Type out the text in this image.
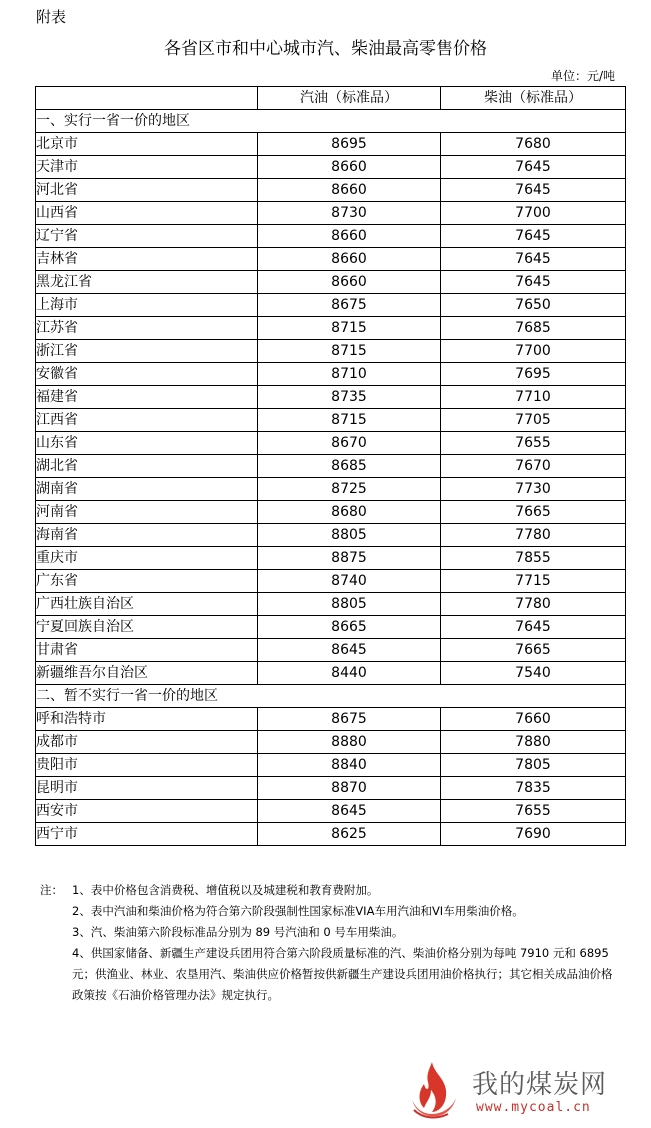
附表
各省区市和中心城市汽、柴油最高零售价格
单位：元/吨
	汽油（标准品）	柴油（标准品）
一、实行一省一价的地区		
北京市	8695	7680
天津市	8660	7645
河北省	8660	7645
山西省	8730	7700
辽宁省	8660	7645
吉林省	8660	7645
黑龙江省	8660	7645
上海市	8675	7650
江苏省	8715	7685
浙江省	8715	7700
安徽省	8710	7695
福建省	8735	7710
江西省	8715	7705
山东省	8670	7655
湖北省	8685	7670
湖南省	8725	7730
河南省	8680	7665
海南省	8805	7780
重庆市	8875	7855
广东省	8740	7715
广西壮族自治区	8805	7780
宁夏回族自治区	8665	7645
甘肃省	8645	7665
新疆维吾尔自治区	8440	7540
二、暂不实行一省一价的地区		
呼和浩特市	8675	7660
成都市	8880	7880
贵阳市	8840	7805
昆明市	8870	7835
西安市	8645	7655
西宁市	8625	7690

注： 1、表中价格包含消费税、增值税以及城建税和教育费附加。

2、表中汽油和柴油价格为符合第六阶段强制性国家标准VIA车用汽油和VI车用柴油价格。

3、汽、柴油第六阶段标准品分别为 89 号汽油和 0 号车用柴油。

4、供国家储备、新疆生产建设兵团用符合第六阶段质量标准的汽、柴油价格分别为每吨 7910 元和 6895 元；供渔业、林业、农垦用汽、柴油供应价格暂按供新疆生产建设兵团用油价格执行；其它相关成品油价格政策按《石油价格管理办法》规定执行。

我的煤炭网
www.mycoal.cn
